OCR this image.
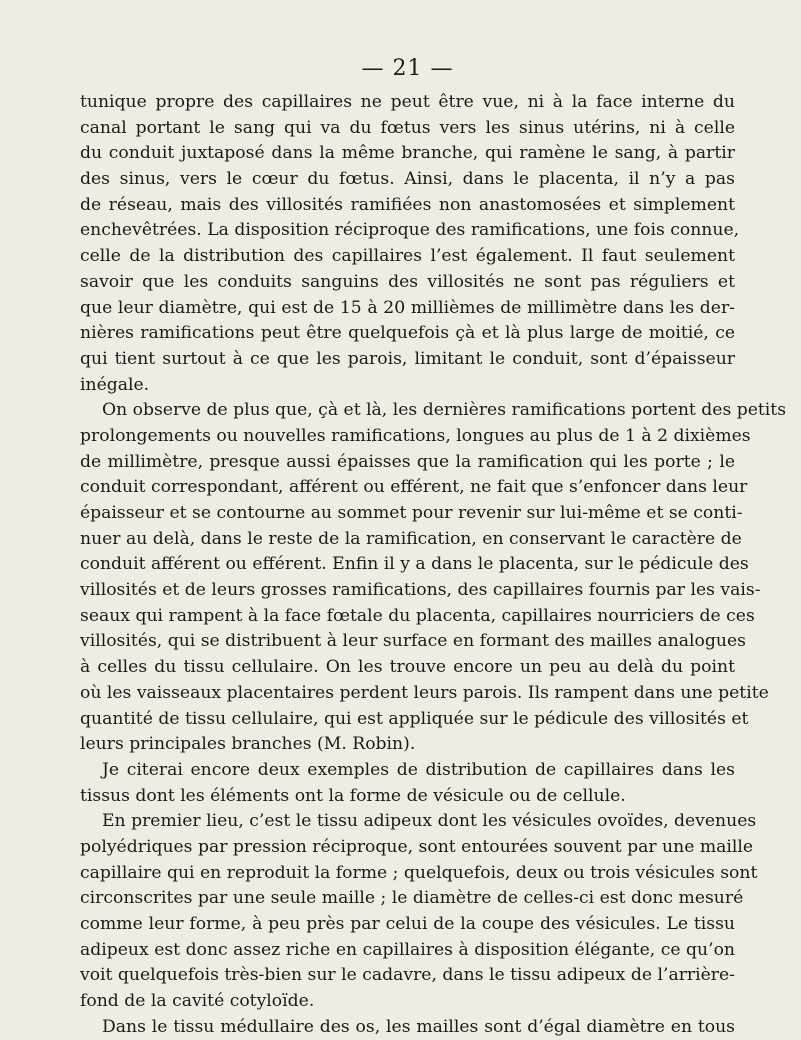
— 21 —
tunique propre des capillaires ne peut être vue, ni à la face interne du
canal portant le sang qui va du fœtus vers les sinus utérins, ni à celle
du conduit juxtaposé dans la même branche, qui ramène le sang, à partir
des sinus, vers le cœur du fœtus. Ainsi, dans le placenta, il n’y a pas
de réseau, mais des villosités ramifiées non anastomosées et simplement
enchevêtrées. La disposition réciproque des ramifications, une fois connue,
celle de la distribution des capillaires l’est également. Il faut seulement
savoir que les conduits sanguins des villosités ne sont pas réguliers et
que leur diamètre, qui est de 15 à 20 millièmes de millimètre dans les der-
nières ramifications peut être quelquefois çà et là plus large de moitié, ce
qui tient surtout à ce que les parois, limitant le conduit, sont d’épaisseur
inégale.
On observe de plus que, çà et là, les dernières ramifications portent des petits
prolongements ou nouvelles ramifications, longues au plus de 1 à 2 dixièmes
de millimètre, presque aussi épaisses que la ramification qui les porte ; le
conduit correspondant, afférent ou efférent, ne fait que s’enfoncer dans leur
épaisseur et se contourne au sommet pour revenir sur lui-même et se conti-
nuer au delà, dans le reste de la ramification, en conservant le caractère de
conduit afférent ou efférent. Enfin il y a dans le placenta, sur le pédicule des
villosités et de leurs grosses ramifications, des capillaires fournis par les vais-
seaux qui rampent à la face fœtale du placenta, capillaires nourriciers de ces
villosités, qui se distribuent à leur surface en formant des mailles analogues
à celles du tissu cellulaire. On les trouve encore un peu au delà du point
où les vaisseaux placentaires perdent leurs parois. Ils rampent dans une petite
quantité de tissu cellulaire, qui est appliquée sur le pédicule des villosités et
leurs principales branches (M. Robin).
Je citerai encore deux exemples de distribution de capillaires dans les
tissus dont les éléments ont la forme de vésicule ou de cellule.
En premier lieu, c’est le tissu adipeux dont les vésicules ovoïdes, devenues
polyédriques par pression réciproque, sont entourées souvent par une maille
capillaire qui en reproduit la forme ; quelquefois, deux ou trois vésicules sont
circonscrites par une seule maille ; le diamètre de celles-ci est donc mesuré
comme leur forme, à peu près par celui de la coupe des vésicules. Le tissu
adipeux est donc assez riche en capillaires à disposition élégante, ce qu’on
voit quelquefois très-bien sur le cadavre, dans le tissu adipeux de l’arrière-
fond de la cavité cotyloïde.
Dans le tissu médullaire des os, les mailles sont d’égal diamètre en tous
